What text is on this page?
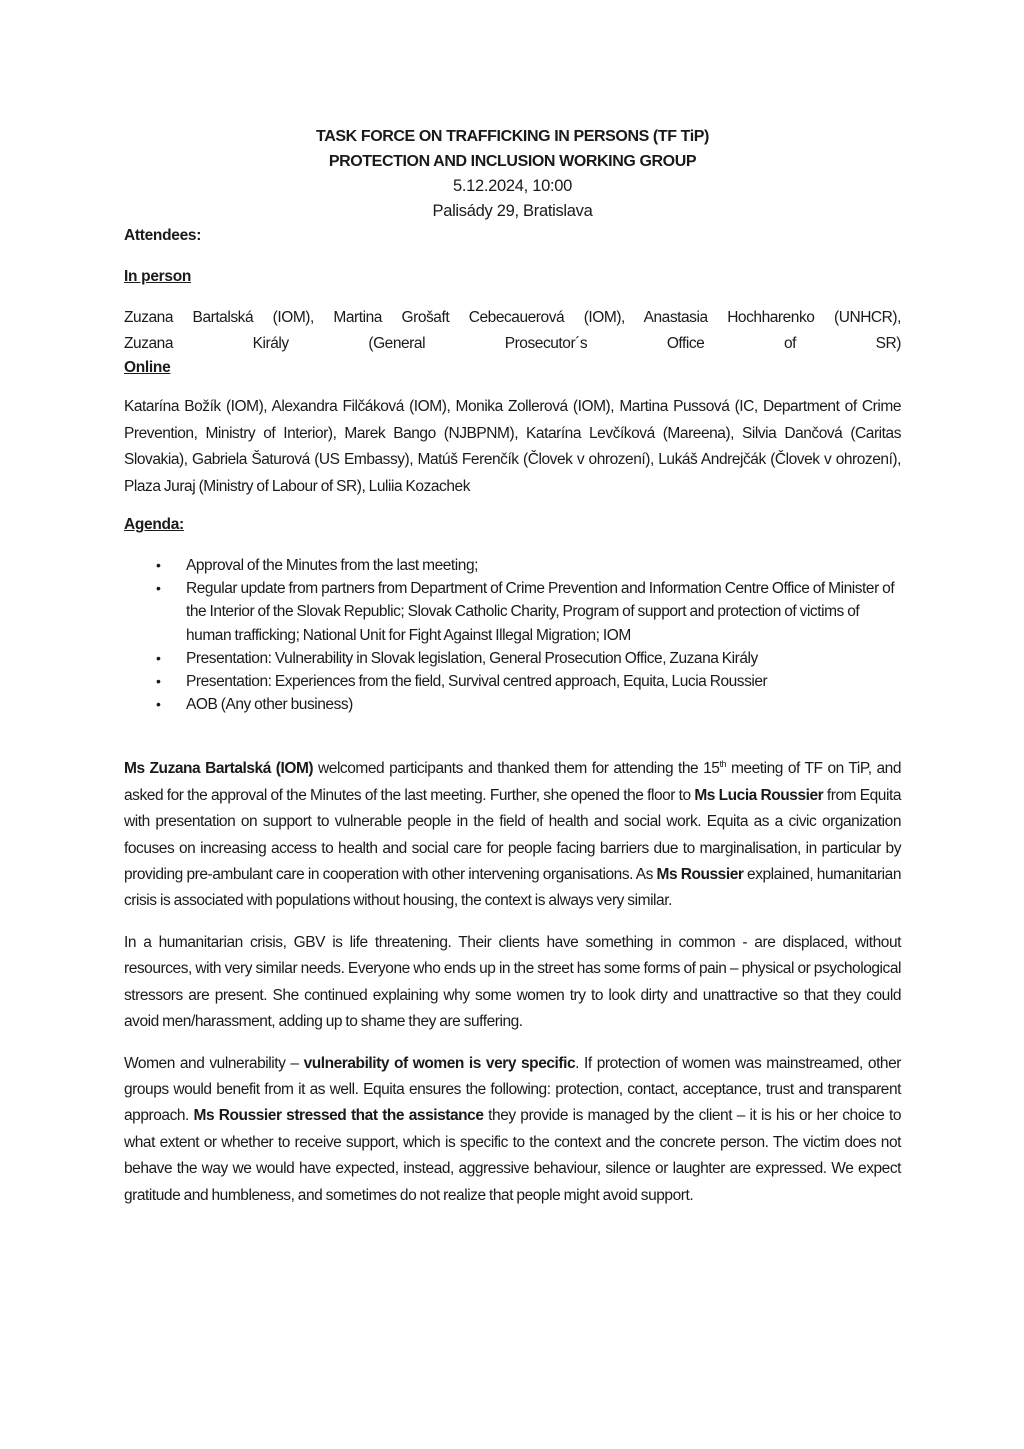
TASK FORCE ON TRAFFICKING IN PERSONS (TF TiP)

PROTECTION AND INCLUSION WORKING GROUP

5.12.2024, 10:00

Palisády 29, Bratislava

Attendees:

In person

Zuzana Bartalská (IOM), Martina Grošaft Cebecauerová (IOM), Anastasia Hochharenko (UNHCR),

Zuzana Király (General Prosecutor´s Office of SR)

Online

Katarína Božík (IOM), Alexandra Filčáková (IOM), Monika Zollerová (IOM), Martina Pussová (IC, Department of Crime Prevention, Ministry of Interior), Marek Bango (NJBPNM), Katarína Levčíková (Mareena), Silvia Dančová (Caritas Slovakia), Gabriela Šaturová (US Embassy), Matúš Ferenčík (Človek v ohrození), Lukáš Andrejčák (Človek v ohrození), Plaza Juraj (Ministry of Labour of SR), Luliia Kozachek

Agenda:

• Approval of the Minutes from the last meeting;
• Regular update from partners from Department of Crime Prevention and Information Centre Office of Minister of the Interior of the Slovak Republic; Slovak Catholic Charity, Program of support and protection of victims of human trafficking; National Unit for Fight Against Illegal Migration; IOM
• Presentation: Vulnerability in Slovak legislation, General Prosecution Office, Zuzana Király
• Presentation: Experiences from the field, Survival centred approach, Equita, Lucia Roussier
• AOB (Any other business)

Ms Zuzana Bartalská (IOM) welcomed participants and thanked them for attending the 15th meeting of TF on TiP, and asked for the approval of the Minutes of the last meeting. Further, she opened the floor to Ms Lucia Roussier from Equita with presentation on support to vulnerable people in the field of health and social work. Equita as a civic organization focuses on increasing access to health and social care for people facing barriers due to marginalisation, in particular by providing pre-ambulant care in cooperation with other intervening organisations. As Ms Roussier explained, humanitarian crisis is associated with populations without housing, the context is always very similar.

In a humanitarian crisis, GBV is life threatening. Their clients have something in common - are displaced, without resources, with very similar needs. Everyone who ends up in the street has some forms of pain – physical or psychological stressors are present. She continued explaining why some women try to look dirty and unattractive so that they could avoid men/harassment, adding up to shame they are suffering.

Women and vulnerability – vulnerability of women is very specific. If protection of women was mainstreamed, other groups would benefit from it as well. Equita ensures the following: protection, contact, acceptance, trust and transparent approach. Ms Roussier stressed that the assistance they provide is managed by the client – it is his or her choice to what extent or whether to receive support, which is specific to the context and the concrete person. The victim does not behave the way we would have expected, instead, aggressive behaviour, silence or laughter are expressed. We expect gratitude and humbleness, and sometimes do not realize that people might avoid support.
